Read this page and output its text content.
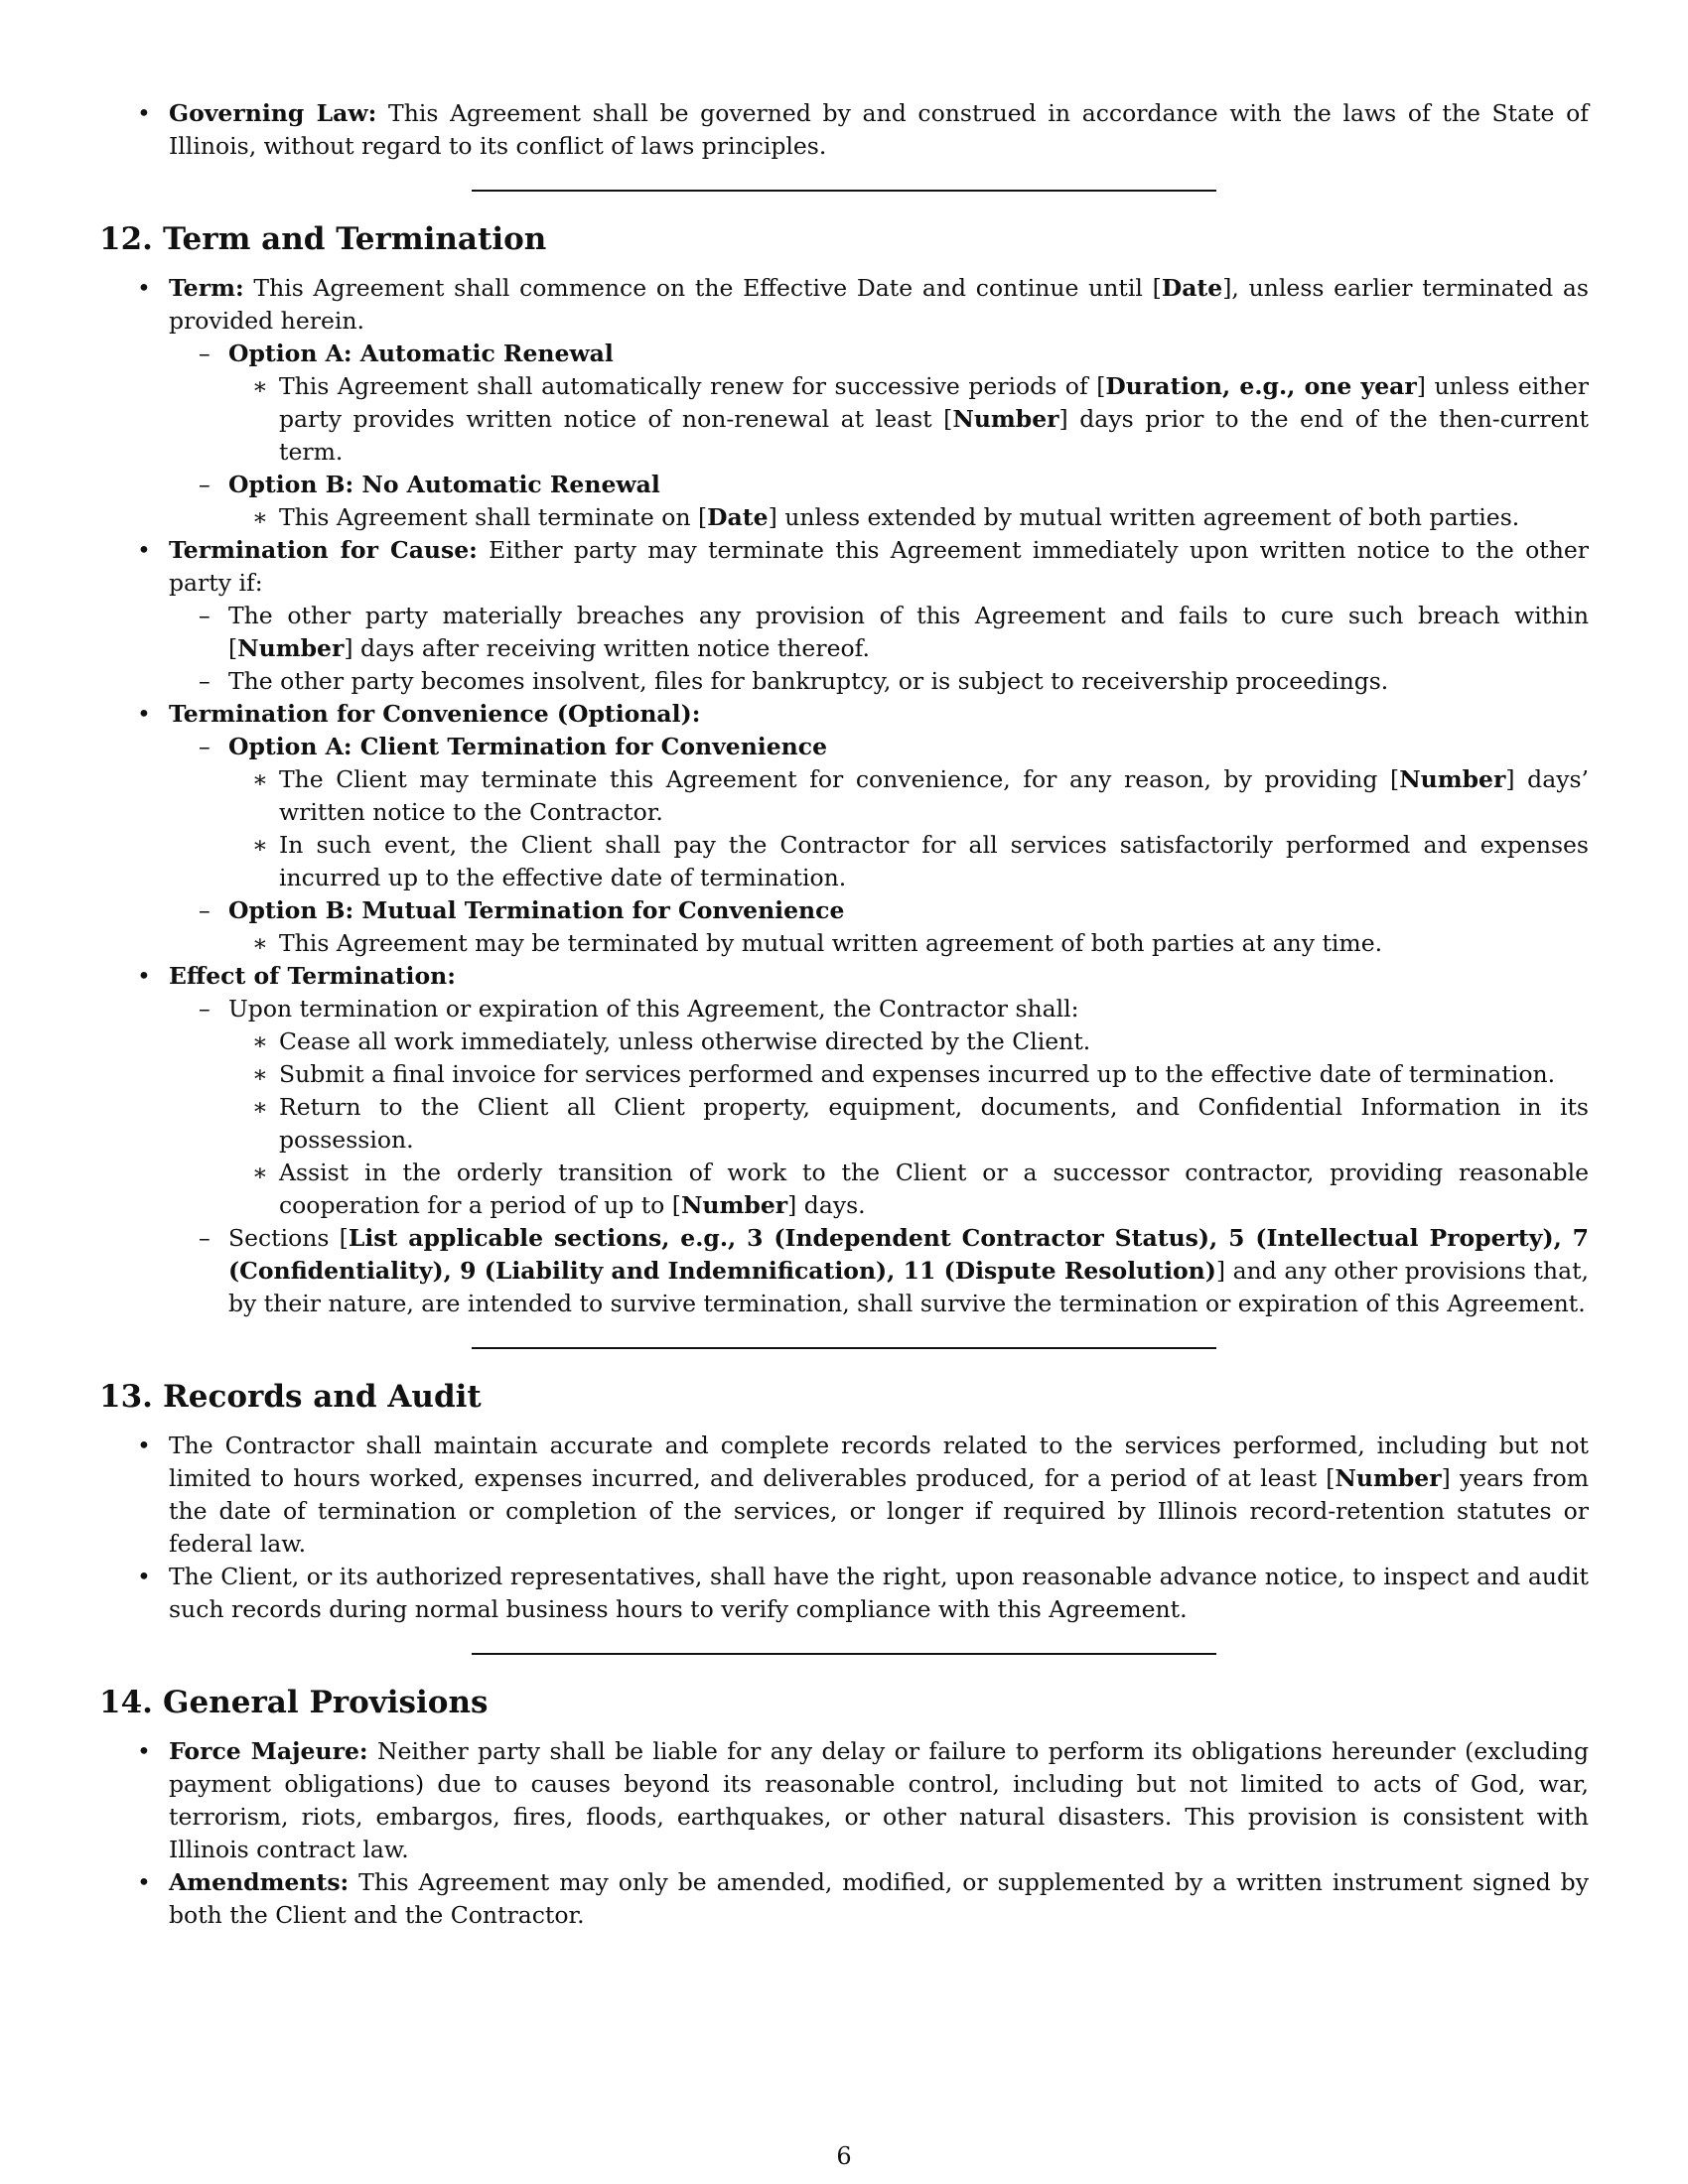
• Governing Law: This Agreement shall be governed by and construed in accordance with the laws of the State of Illinois, without regard to its conflict of laws principles.
12. Term and Termination
• Term: This Agreement shall commence on the Effective Date and continue until [Date], unless earlier terminated as provided herein.
– Option A: Automatic Renewal
∗ This Agreement shall automatically renew for successive periods of [Duration, e.g., one year] unless either party provides written notice of non-renewal at least [Number] days prior to the end of the then-current term.
– Option B: No Automatic Renewal
∗ This Agreement shall terminate on [Date] unless extended by mutual written agreement of both parties.
• Termination for Cause: Either party may terminate this Agreement immediately upon written notice to the other party if:
– The other party materially breaches any provision of this Agreement and fails to cure such breach within [Number] days after receiving written notice thereof.
– The other party becomes insolvent, files for bankruptcy, or is subject to receivership proceedings.
• Termination for Convenience (Optional):
– Option A: Client Termination for Convenience
∗ The Client may terminate this Agreement for convenience, for any reason, by providing [Number] days’ written notice to the Contractor.
∗ In such event, the Client shall pay the Contractor for all services satisfactorily performed and expenses incurred up to the effective date of termination.
– Option B: Mutual Termination for Convenience
∗ This Agreement may be terminated by mutual written agreement of both parties at any time.
• Effect of Termination:
– Upon termination or expiration of this Agreement, the Contractor shall:
∗ Cease all work immediately, unless otherwise directed by the Client.
∗ Submit a final invoice for services performed and expenses incurred up to the effective date of termination.
∗ Return to the Client all Client property, equipment, documents, and Confidential Information in its possession.
∗ Assist in the orderly transition of work to the Client or a successor contractor, providing reasonable cooperation for a period of up to [Number] days.
– Sections [List applicable sections, e.g., 3 (Independent Contractor Status), 5 (Intellectual Property), 7 (Confidentiality), 9 (Liability and Indemnification), 11 (Dispute Resolution)] and any other provisions that, by their nature, are intended to survive termination, shall survive the termination or expiration of this Agreement.
13. Records and Audit
• The Contractor shall maintain accurate and complete records related to the services performed, including but not limited to hours worked, expenses incurred, and deliverables produced, for a period of at least [Number] years from the date of termination or completion of the services, or longer if required by Illinois record-retention statutes or federal law.
• The Client, or its authorized representatives, shall have the right, upon reasonable advance notice, to inspect and audit such records during normal business hours to verify compliance with this Agreement.
14. General Provisions
• Force Majeure: Neither party shall be liable for any delay or failure to perform its obligations hereunder (excluding payment obligations) due to causes beyond its reasonable control, including but not limited to acts of God, war, terrorism, riots, embargos, fires, floods, earthquakes, or other natural disasters. This provision is consistent with Illinois contract law.
• Amendments: This Agreement may only be amended, modified, or supplemented by a written instrument signed by both the Client and the Contractor.
6
